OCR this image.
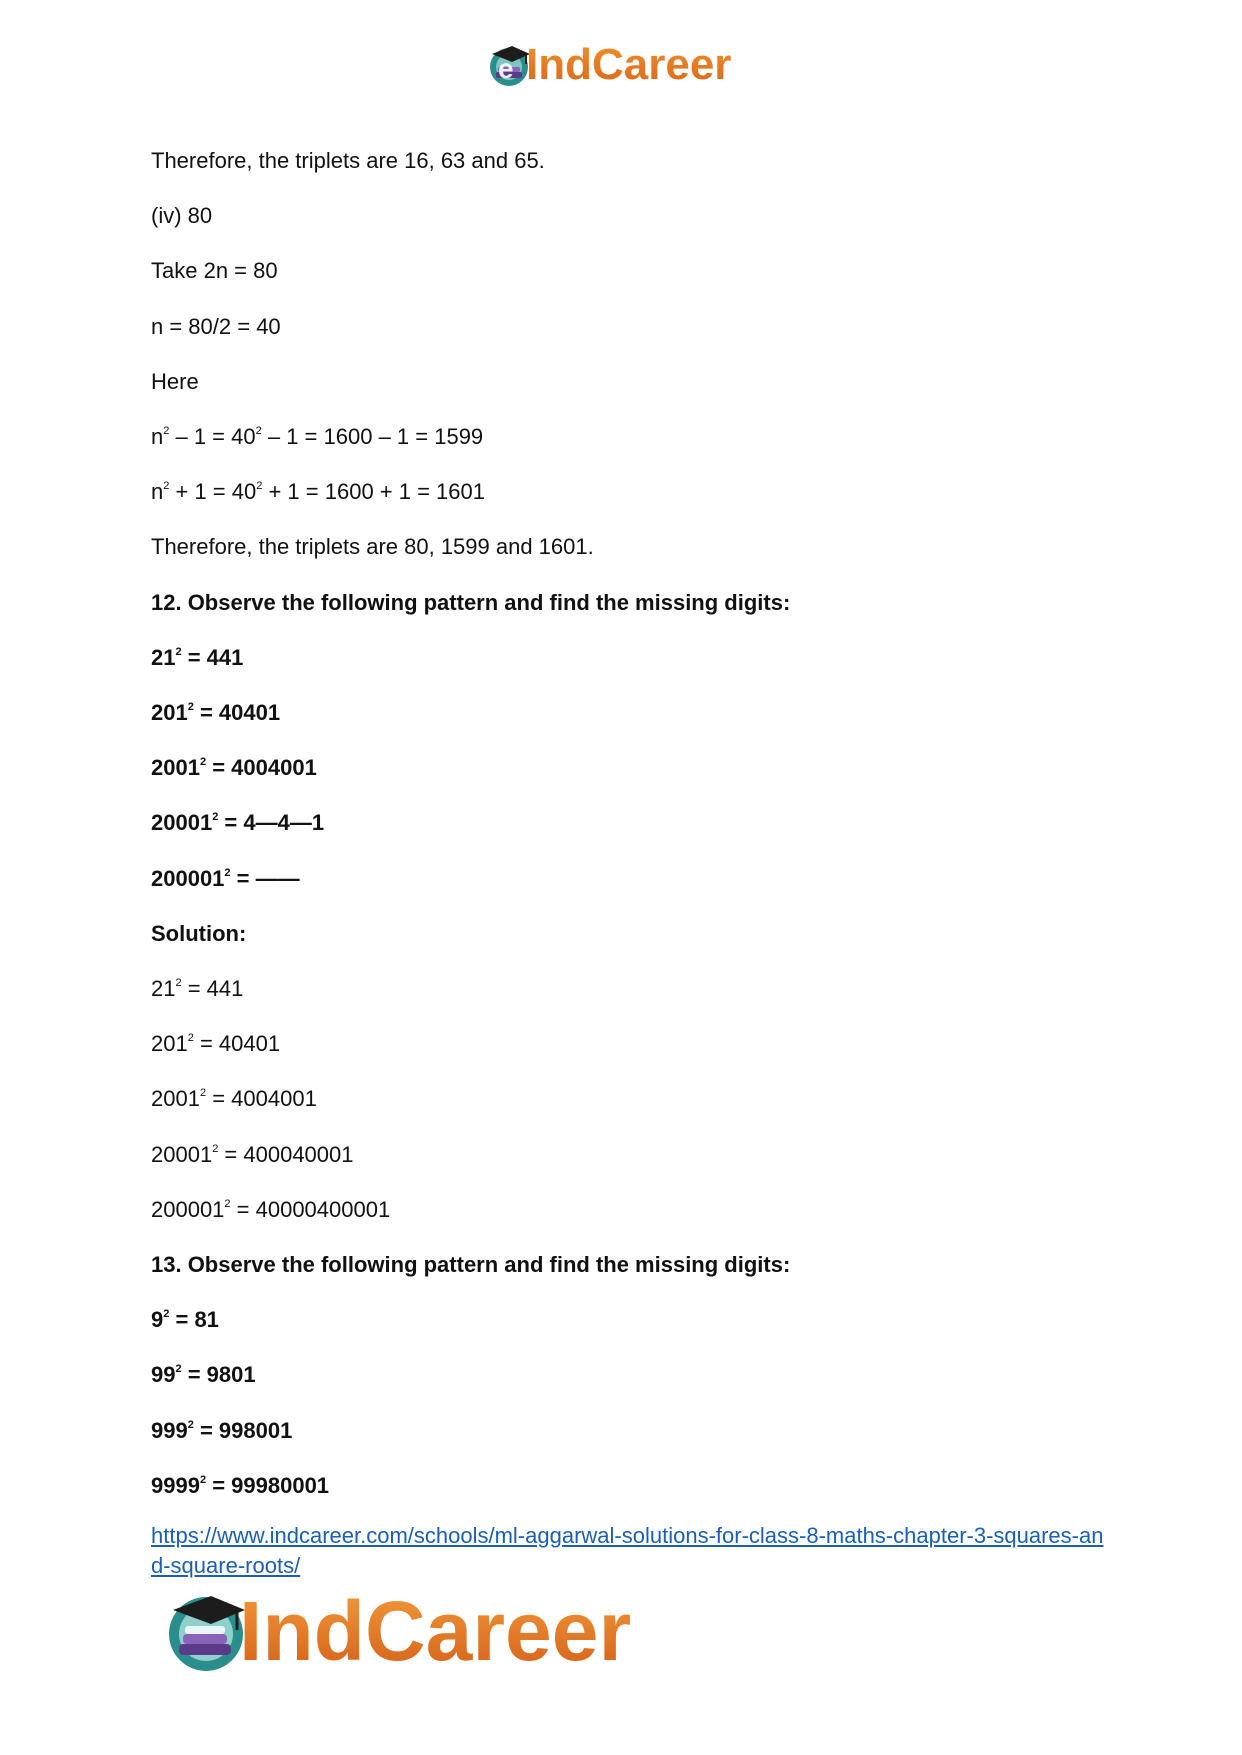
e IndCareer
Therefore, the triplets are 16, 63 and 65.
(iv) 80
Take 2n = 80
n = 80/2 = 40
Here
$n^2 - 1 = 40^2 - 1 = 1600 - 1 = 1599$
$n^2 + 1 = 40^2 + 1 = 1600 + 1 = 1601$
Therefore, the triplets are 80, 1599 and 1601.
12. Observe the following pattern and find the missing digits:
$21^2 = 441$
$201^2 = 40401$
$2001^2 = 4004001$
$20001^2$ = 4—4—1
$200001^2$ = ——
Solution:
$21^2 = 441$
$201^2 = 40401$
$2001^2 = 4004001$
$20001^2 = 400040001$
$200001^2 = 40000400001$
13. Observe the following pattern and find the missing digits:
$9^2 = 81$
$99^2 = 9801$
$999^2 = 998001$
$9999^2 = 99980001$
https://www.indcareer.com/schools/ml-aggarwal-solutions-for-class-8-maths-chapter-3-squares-and-square-roots/
IndCareer
